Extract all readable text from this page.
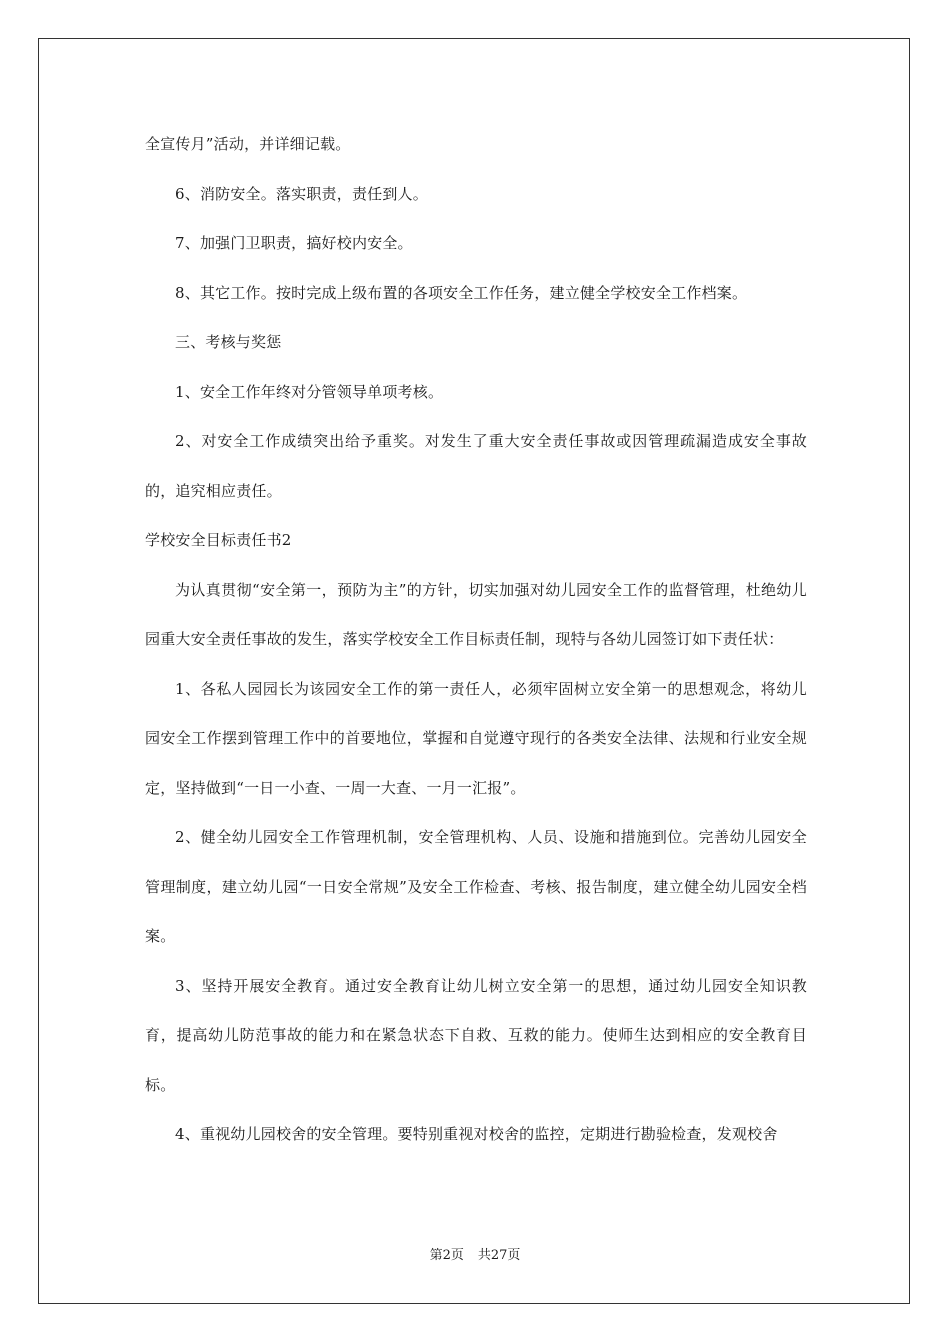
全宣传月”活动，并详细记载。

6、消防安全。落实职责，责任到人。

7、加强门卫职责，搞好校内安全。

8、其它工作。按时完成上级布置的各项安全工作任务，建立健全学校安全工作档案。

三、考核与奖惩

1、安全工作年终对分管领导单项考核。

2、对安全工作成绩突出给予重奖。对发生了重大安全责任事故或因管理疏漏造成安全事故的，追究相应责任。

学校安全目标责任书2

为认真贯彻“安全第一，预防为主”的方针，切实加强对幼儿园安全工作的监督管理，杜绝幼儿园重大安全责任事故的发生，落实学校安全工作目标责任制，现特与各幼儿园签订如下责任状：

1、各私人园园长为该园安全工作的第一责任人，必须牢固树立安全第一的思想观念，将幼儿园安全工作摆到管理工作中的首要地位，掌握和自觉遵守现行的各类安全法律、法规和行业安全规定，坚持做到“一日一小查、一周一大查、一月一汇报”。

2、健全幼儿园安全工作管理机制，安全管理机构、人员、设施和措施到位。完善幼儿园安全管理制度，建立幼儿园“一日安全常规”及安全工作检查、考核、报告制度，建立健全幼儿园安全档案。

3、坚持开展安全教育。通过安全教育让幼儿树立安全第一的思想，通过幼儿园安全知识教育，提高幼儿防范事故的能力和在紧急状态下自救、互救的能力。使师生达到相应的安全教育目标。

4、重视幼儿园校舍的安全管理。要特别重视对校舍的监控，定期进行勘验检查，发观校舍

第2页 共27页
